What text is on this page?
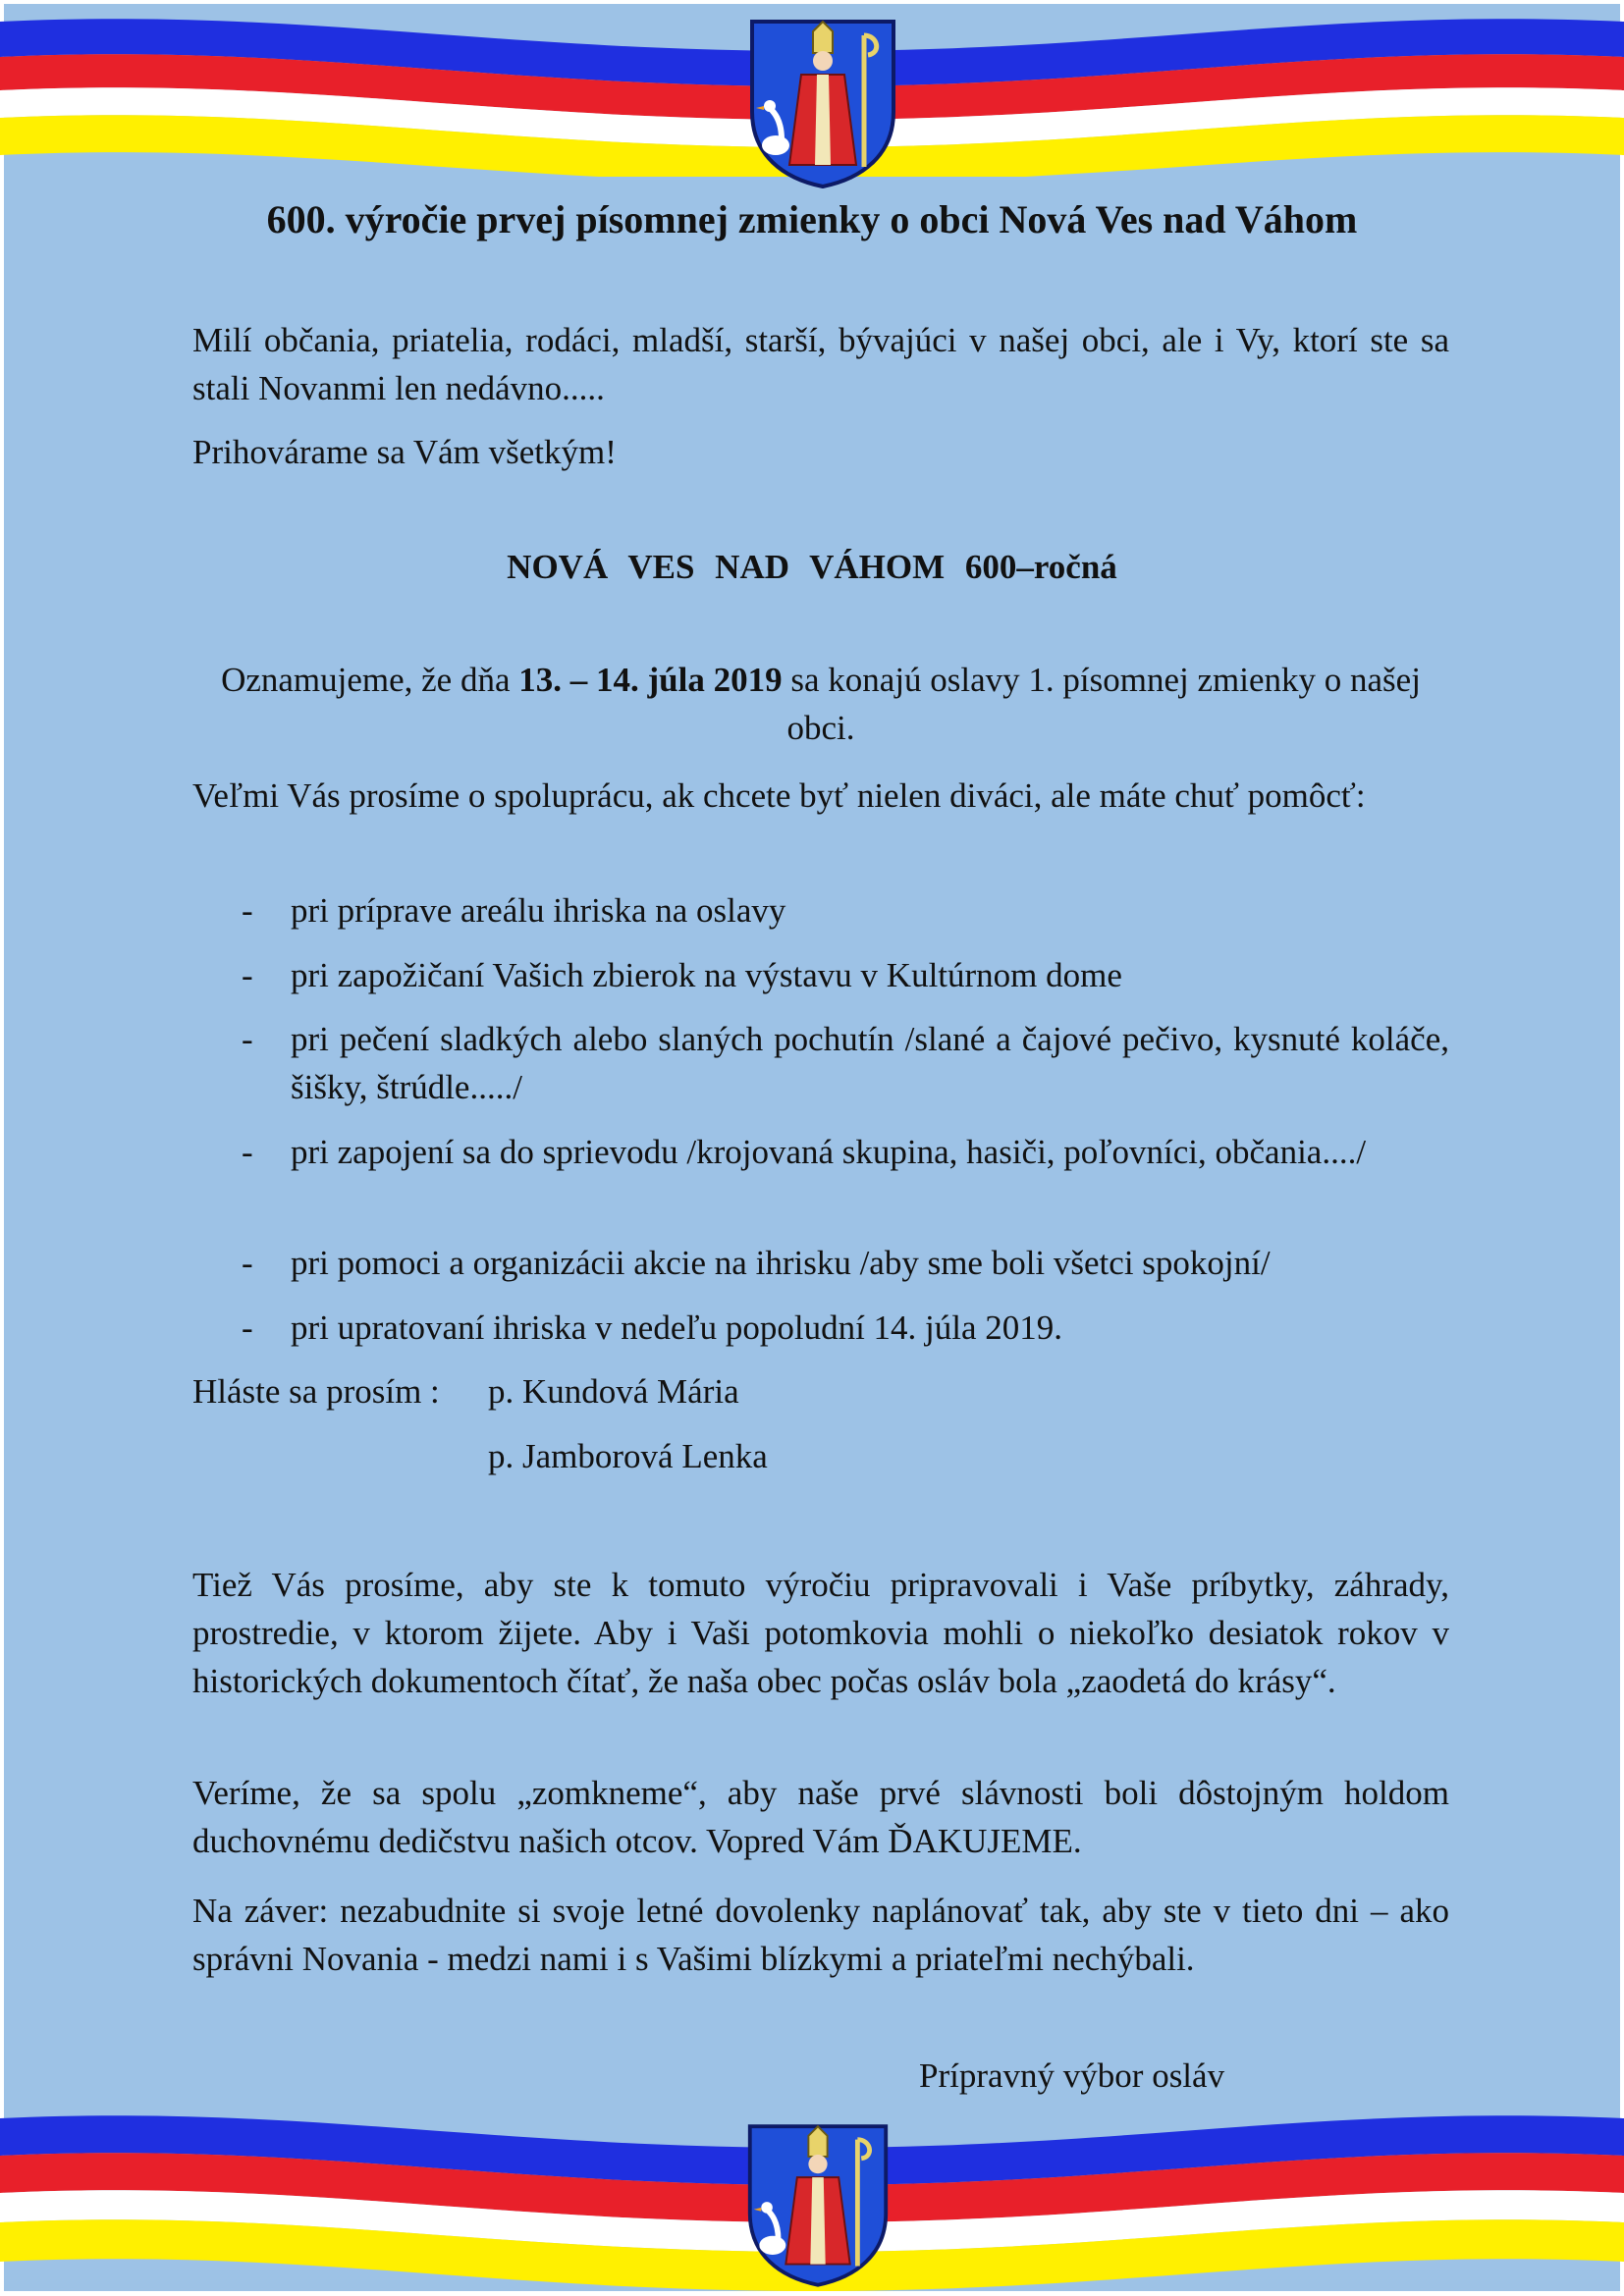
600. výročie prvej písomnej zmienky o obci Nová Ves nad Váhom
Milí občania, priatelia, rodáci, mladší, starší, bývajúci v našej obci, ale i Vy, ktorí ste sa stali Novanmi len nedávno.....
Prihovárame sa Vám všetkým!
NOVÁ VES NAD VÁHOM 600–ročná
Oznamujeme, že dňa 13. – 14. júla 2019 sa konajú oslavy 1. písomnej zmienky o našej obci.
Veľmi Vás prosíme o spoluprácu, ak chcete byť nielen diváci, ale máte chuť pomôcť:
- pri príprave areálu ihriska na oslavy
- pri zapožičaní Vašich zbierok na výstavu v Kultúrnom dome
- pri pečení sladkých alebo slaných pochutín /slané a čajové pečivo, kysnuté koláče, šišky, štrúdle...../
- pri zapojení sa do sprievodu /krojovaná skupina, hasiči, poľovníci, občania..../
- pri pomoci a organizácii akcie na ihrisku /aby sme boli všetci spokojní/
- pri upratovaní ihriska v nedeľu popoludní 14. júla 2019.
Hláste sa prosím : p. Kundová Mária
p. Jamborová Lenka
Tiež Vás prosíme, aby ste k tomuto výročiu pripravovali i Vaše príbytky, záhrady, prostredie, v ktorom žijete. Aby i Vaši potomkovia mohli o niekoľko desiatok rokov v historických dokumentoch čítať, že naša obec počas osláv bola „zaodetá do krásy“.
Veríme, že sa spolu „zomkneme“, aby naše prvé slávnosti boli dôstojným holdom duchovnému dedičstvu našich otcov. Vopred Vám ĎAKUJEME.
Na záver: nezabudnite si svoje letné dovolenky naplánovať tak, aby ste v tieto dni – ako správni Novania - medzi nami i s Vašimi blízkymi a priateľmi nechýbali.
Prípravný výbor osláv
